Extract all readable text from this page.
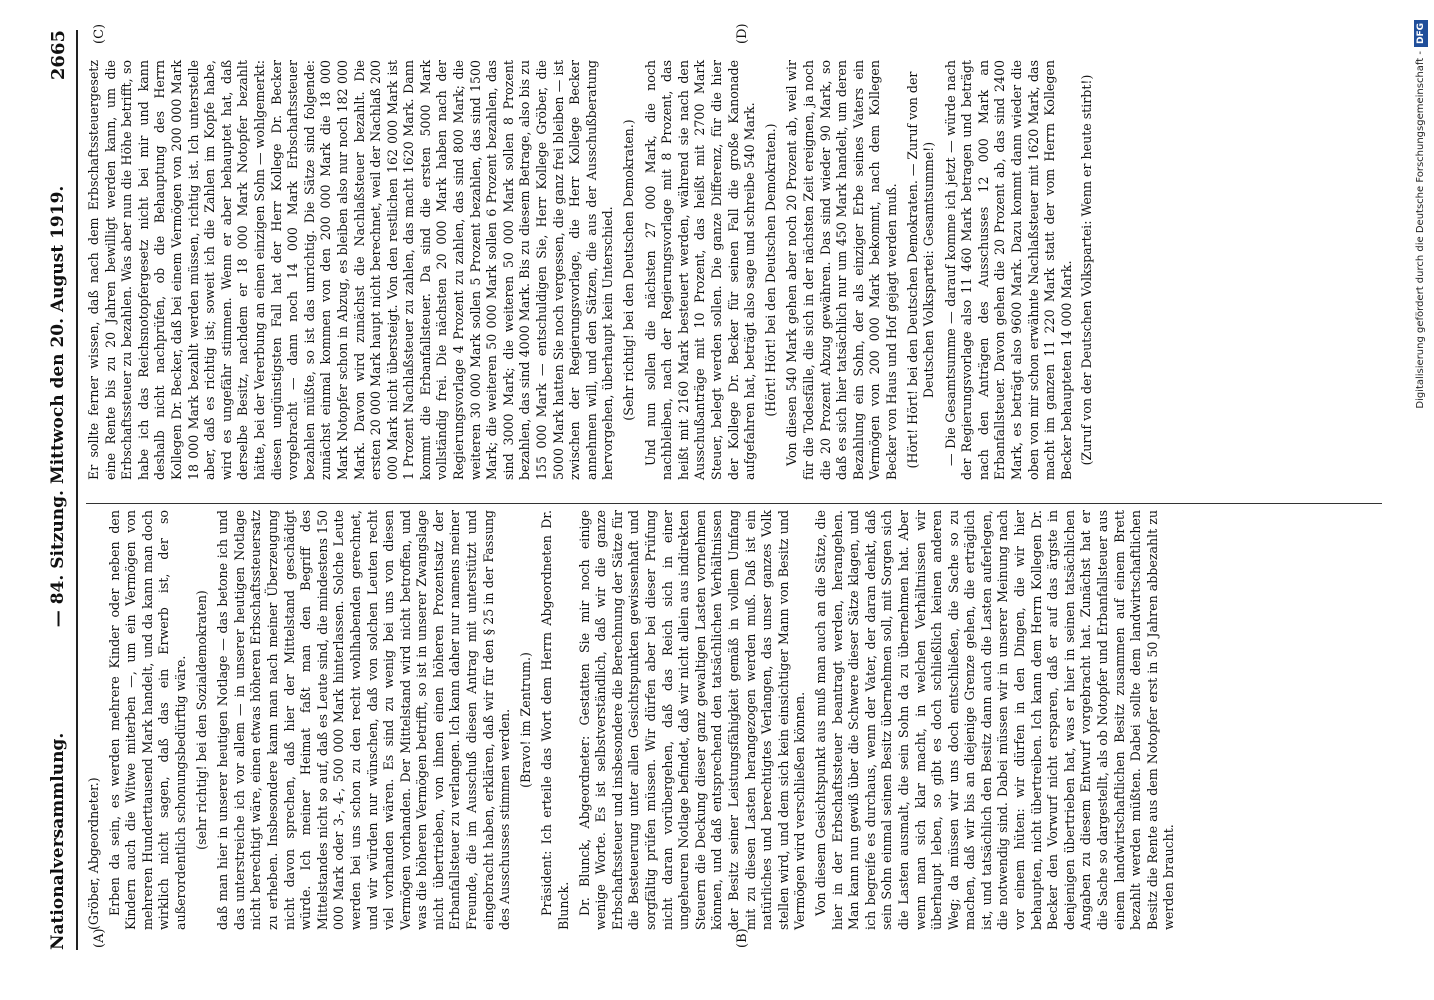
Nationalversammlung.
— 84. Sitzung. Mittwoch den 20. August 1919.
2665
(A)	(B)
(C)	(D)

(Gröber, Abgeordneter.) Erben da sein, es werden mehrere Kinder oder neben den Kindern auch die Witwe miterben —, um ein Vermögen von mehreren Hunderttausend Mark handelt, und da kann man doch wirklich nicht sagen, daß das ein Erwerb ist, der so außerordentlich schonungsbedürftig wäre. (sehr richtig! bei den Sozialdemokraten) daß man hier in unserer heutigen Notlage — das betone ich und das unterstreiche ich vor allem — in unserer heutigen Notlage nicht berechtigt wäre, einen etwas höheren Erbschaftssteuersatz zu erheben. Insbesondere kann man nach meiner Überzeugung nicht davon sprechen, daß hier der Mittelstand geschädigt würde. Ich meiner Heimat faßt man den Begriff des Mittelstandes nicht so auf, daß es Leute sind, die mindestens 150 000 Mark oder 3-, 4-, 500 000 Mark hinterlassen. Solche Leute werden bei uns schon zu den recht wohlhabenden gerechnet, und wir würden nur wünschen, daß von solchen Leuten recht viel vorhanden wären. Es sind zu wenig bei uns von diesen Vermögen vorhanden. Der Mittelstand wird nicht betroffen, und was die höheren Vermögen betrifft, so ist in unserer Zwangslage nicht übertrieben, von ihnen einen höheren Prozentsatz der Erbanfallsteuer zu verlangen. Ich kann daher nur namens meiner Freunde, die im Ausschuß diesen Antrag mit unterstützt und eingebracht haben, erklären, daß wir für den § 25 in der Fassung des Ausschusses stimmen werden. (Bravo! im Zentrum.) Präsident: Ich erteile das Wort dem Herrn Abgeordneten Dr. Blunck. Dr. Blunck, Abgeordneter: Gestatten Sie mir noch einige wenige Worte. Es ist selbstverständlich, daß wir die ganze Erbschaftssteuer und insbesondere die Berechnung der Sätze für die Besteuerung unter allen Gesichtspunkten gewissenhaft und sorgfältig prüfen müssen. Wir dürfen aber bei dieser Prüfung nicht daran vorübergehen, daß das Reich sich in einer ungeheuren Notlage befindet, daß wir nicht allein aus indirekten Steuern die Deckung dieser ganz gewaltigen Lasten vornehmen können, und daß entsprechend den tatsächlichen Verhältnissen der Besitz seiner Leistungsfähigkeit gemäß in vollem Umfang mit zu diesen Lasten herangezogen werden muß. Daß ist ein natürliches und berechtigtes Verlangen, das unser ganzes Volk stellen wird, und dem sich kein einsichtiger Mann von Besitz und Vermögen wird verschließen können. Von diesem Gesichtspunkt aus muß man auch an die Sätze, die hier in der Erbschaftssteuer beantragt werden, herangehen. Man kann nun gewiß über die Schwere dieser Sätze klagen, und ich begreife es durchaus, wenn der Vater, der daran denkt, daß sein Sohn einmal seinen Besitz übernehmen soll, mit Sorgen sich die Lasten ausmalt, die sein Sohn da zu übernehmen hat. Aber wenn man sich klar macht, in welchen Verhältnissen wir überhaupt leben, so gibt es doch schließlich keinen anderen Weg; da müssen wir uns doch entschließen, die Sache so zu machen, daß wir bis an diejenige Grenze gehen, die erträglich ist, und tatsächlich den Besitz dann auch die Lasten auferlegen, die notwendig sind. Dabei müssen wir in unserer Meinung nach vor einem hüten: wir dürfen in den Dingen, die wir hier behaupten, nicht übertreiben. Ich kann dem Herrn Kollegen Dr. Becker den Vorwurf nicht ersparen, daß er auf das ärgste in denjenigen übertrieben hat, was er hier in seinen tatsächlichen Angaben zu diesem Entwurf vorgebracht hat. Zunächst hat er die Sache so dargestellt, als ob Notopfer und Erbanfallsteuer aus einem landwirtschaftlichen Besitz zusammen auf einem Brett bezahlt werden müßten. Dabei sollte dem landwirtschaftlichen Besitz die Rente aus dem Notopfer erst in 50 Jahren abbezahlt zu werden braucht.

Er sollte ferner wissen, daß nach dem Erbschaftssteuergesetz eine Rente bis zu 20 Jahren bewilligt werden kann, um die Erbschaftssteuer zu bezahlen. Was aber nun die Höhe betrifft, so habe ich das Reichsnotopfergesetz nicht bei mir und kann deshalb nicht nachprüfen, ob die Behauptung des Herrn Kollegen Dr. Becker, daß bei einem Vermögen von 200 000 Mark 18 000 Mark bezahlt werden müssen, richtig ist. Ich unterstelle aber, daß es richtig ist; soweit ich die Zahlen im Kopfe habe, wird es ungefähr stimmen. Wenn er aber behauptet hat, daß derselbe Besitz, nachdem er 18 000 Mark Notopfer bezahlt hätte, bei der Vererbung an einen einzigen Sohn — wohlgemerkt: diesen ungünstigsten Fall hat der Herr Kollege Dr. Becker vorgebracht — dann noch 14 000 Mark Erbschaftssteuer bezahlen müßte, so ist das unrichtig. Die Sätze sind folgende: zunächst einmal kommen von den 200 000 Mark die 18 000 Mark Notopfer schon in Abzug, es bleiben also nur noch 182 000 Mark. Davon wird zunächst die Nachlaßsteuer bezahlt. Die ersten 20 000 Mark haupt nicht berechnet, weil der Nachlaß 200 000 Mark nicht übersteigt. Von den restlichen 162 000 Mark ist 1 Prozent Nachlaßsteuer zu zahlen, das macht 1620 Mark. Dann kommt die Erbanfallsteuer. Da sind die ersten 5000 Mark vollständig frei. Die nächsten 20 000 Mark haben nach der Regierungsvorlage 4 Prozent zu zahlen, das sind 800 Mark; die weiteren 30 000 Mark sollen 5 Prozent bezahlen, das sind 1500 Mark; die weiteren 50 000 Mark sollen 6 Prozent bezahlen, das sind 3000 Mark; die weiteren 50 000 Mark sollen 8 Prozent bezahlen, das sind 4000 Mark. Bis zu diesem Betrage, also bis zu 155 000 Mark — entschuldigen Sie, Herr Kollege Gröber, die 5000 Mark hatten Sie noch vergessen, die ganz frei bleiben — ist zwischen der Regierungsvorlage, die Herr Kollege Becker annehmen will, und den Sätzen, die aus der Ausschußberatung hervorgehen, überhaupt kein Unterschied. (Sehr richtig! bei den Deutschen Demokraten.) Und nun sollen die nächsten 27 000 Mark, die noch nachbleiben, nach der Regierungsvorlage mit 8 Prozent, das heißt mit 2160 Mark besteuert werden, während sie nach den Ausschußanträge mit 10 Prozent, das heißt mit 2700 Mark Steuer, belegt werden sollen. Die ganze Differenz, für die hier der Kollege Dr. Becker für seinen Fall die große Kanonade aufgefahren hat, beträgt also sage und schreibe 540 Mark. (Hört! Hört! bei den Deutschen Demokraten.) Von diesen 540 Mark gehen aber noch 20 Prozent ab, weil wir für die Todesfälle, die sich in der nächsten Zeit ereignen, ja noch die 20 Prozent Abzug gewähren. Das sind wieder 90 Mark, so daß es sich hier tatsächlich nur um 450 Mark handelt, um deren Bezahlung ein Sohn, der als einziger Erbe seines Vaters ein Vermögen von 200 000 Mark bekommt, nach dem Kollegen Becker von Haus und Hof gejagt werden muß. (Hört! Hört! bei den Deutschen Demokraten. — Zuruf von der Deutschen Volkspartei: Gesamtsumme!) — Die Gesamtsumme — darauf komme ich jetzt — würde nach der Regierungsvorlage also 11 460 Mark betragen und beträgt nach den Anträgen des Ausschusses 12 000 Mark an Erbanfallsteuer. Davon gehen die 20 Prozent ab, das sind 2400 Mark, es beträgt also 9600 Mark. Dazu kommt dann wieder die oben von mir schon erwähnte Nachlaßsteuer mit 1620 Mark, das macht im ganzen 11 220 Mark statt der vom Herrn Kollegen Becker behaupteten 14 000 Mark. (Zuruf von der Deutschen Volkspartei: Wenn er heute stirbt!)	Digitalisierung gefördert durch die Deutsche Forschungsgemeinschaft -
DFG
